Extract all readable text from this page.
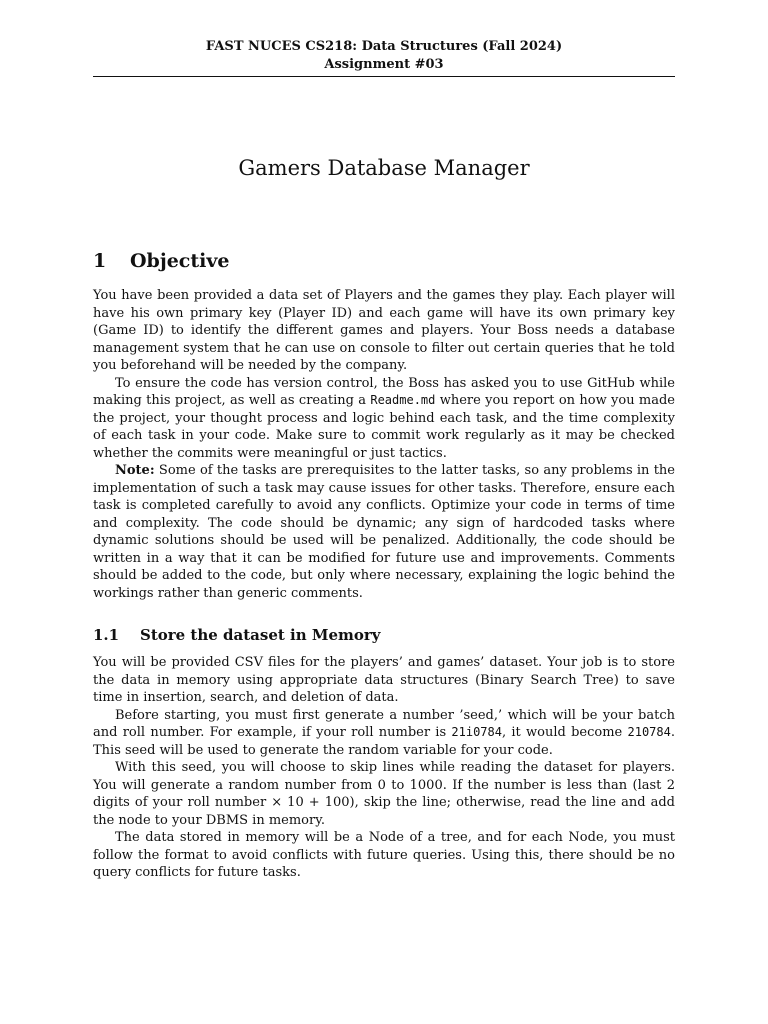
FAST NUCES CS218: Data Structures (Fall 2024)
Assignment #03
Gamers Database Manager
1 Objective

You have been provided a data set of Players and the games they play. Each player will have his own primary key (Player ID) and each game will have its own primary key (Game ID) to identify the different games and players. Your Boss needs a database management system that he can use on console to filter out certain queries that he told you beforehand will be needed by the company.

To ensure the code has version control, the Boss has asked you to use GitHub while making this project, as well as creating a Readme.md where you report on how you made the project, your thought process and logic behind each task, and the time complexity of each task in your code. Make sure to commit work regularly as it may be checked whether the commits were meaningful or just tactics.

Note: Some of the tasks are prerequisites to the latter tasks, so any problems in the implementation of such a task may cause issues for other tasks. Therefore, ensure each task is completed carefully to avoid any conflicts. Optimize your code in terms of time and complexity. The code should be dynamic; any sign of hardcoded tasks where dynamic solutions should be used will be penalized. Additionally, the code should be written in a way that it can be modified for future use and improvements. Comments should be added to the code, but only where necessary, explaining the logic behind the workings rather than generic comments.

1.1 Store the dataset in Memory

You will be provided CSV files for the players’ and games’ dataset. Your job is to store the data in memory using appropriate data structures (Binary Search Tree) to save time in insertion, search, and deletion of data.

Before starting, you must first generate a number ’seed,’ which will be your batch and roll number. For example, if your roll number is 21i0784, it would become 210784. This seed will be used to generate the random variable for your code.

With this seed, you will choose to skip lines while reading the dataset for players. You will generate a random number from 0 to 1000. If the number is less than (last 2 digits of your roll number × 10 + 100), skip the line; otherwise, read the line and add the node to your DBMS in memory.

The data stored in memory will be a Node of a tree, and for each Node, you must follow the format to avoid conflicts with future queries. Using this, there should be no query conflicts for future tasks.
